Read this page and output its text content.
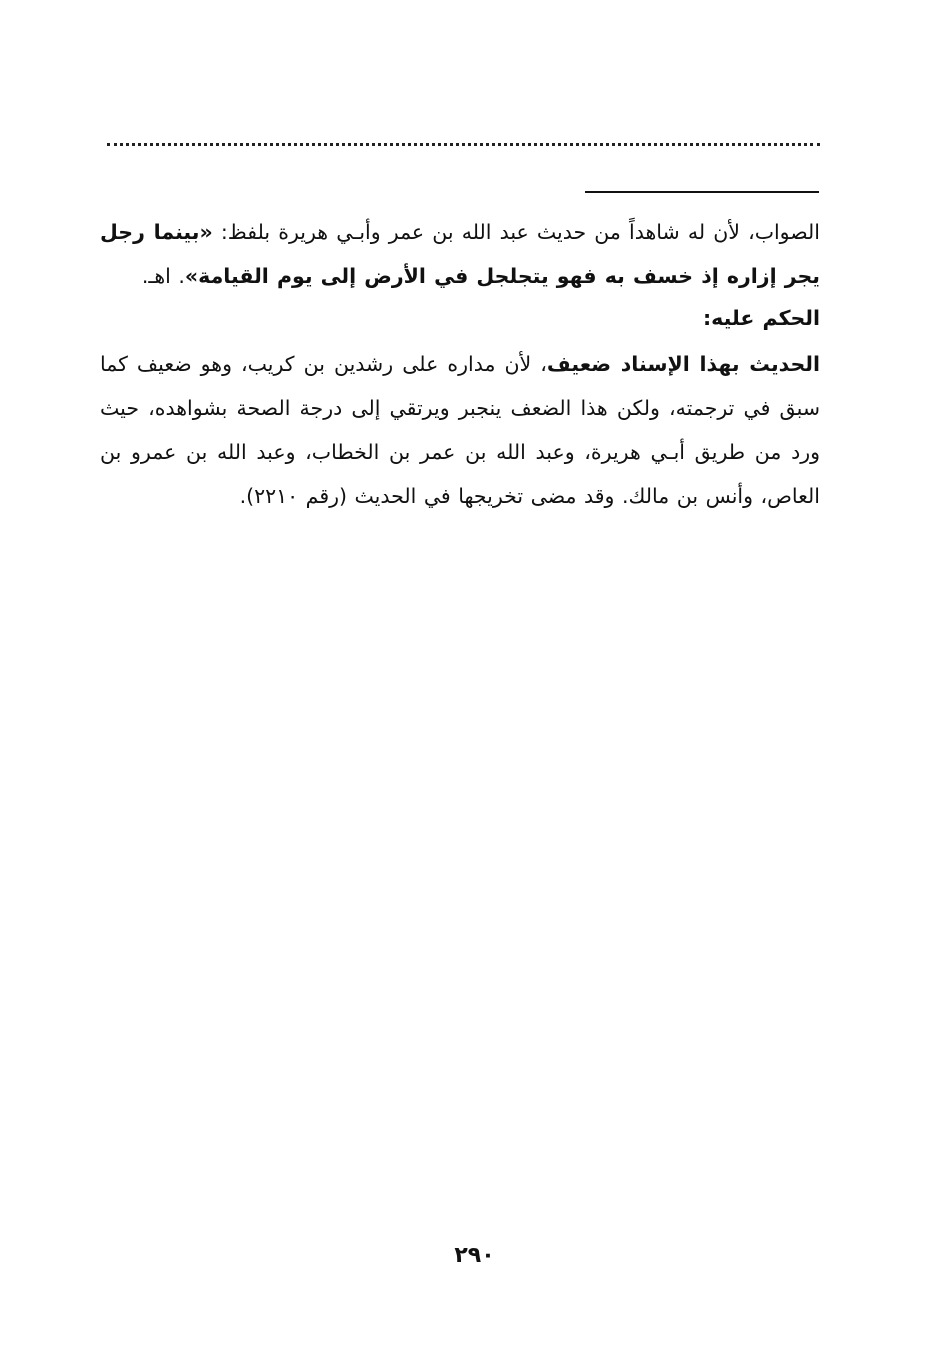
الصواب، لأن له شاهداً من حديث عبد الله بن عمر وأبـي هريرة بلفظ: «بينما رجل يجر إزاره إذ خسف به فهو يتجلجل في الأرض إلى يوم القيامة». اهـ.

الحكم عليه:

الحديث بهذا الإسناد ضعيف، لأن مداره على رشدين بن كريب، وهو ضعيف كما سبق في ترجمته، ولكن هذا الضعف ينجبر ويرتقي إلى درجة الصحة بشواهده، حيث ورد من طريق أبـي هريرة، وعبد الله بن عمر بن الخطاب، وعبد الله بن عمرو بن العاص، وأنس بن مالك. وقد مضى تخريجها في الحديث (رقم ٢٢١٠).

٢٩٠
